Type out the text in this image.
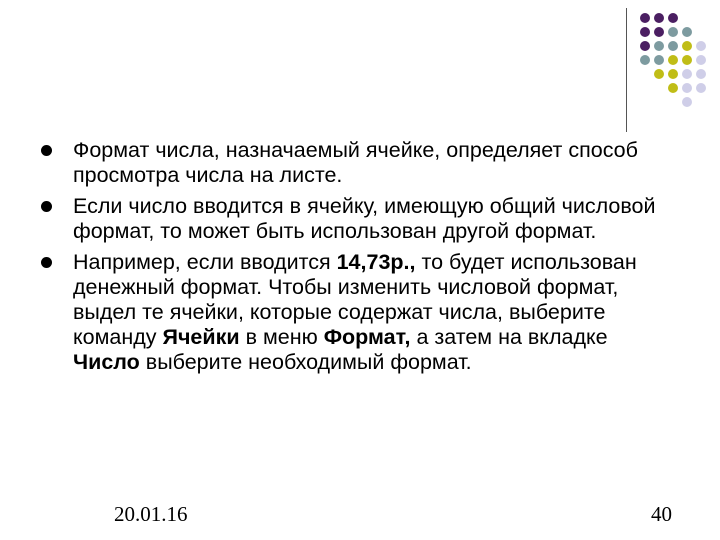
Формат числа, назначаемый ячейке, определяет способ просмотра числа на листе.
Если число вводится в ячейку, имеющую общий числовой формат, то может быть использован другой формат.
Например, если вводится 14,73р., то будет использован денежный формат. Чтобы изменить числовой формат, выдел те ячейки, которые содержат числа, выберите команду Ячейки в меню Формат, а затем на вкладке Число выберите необходимый формат.
20.01.16	40
